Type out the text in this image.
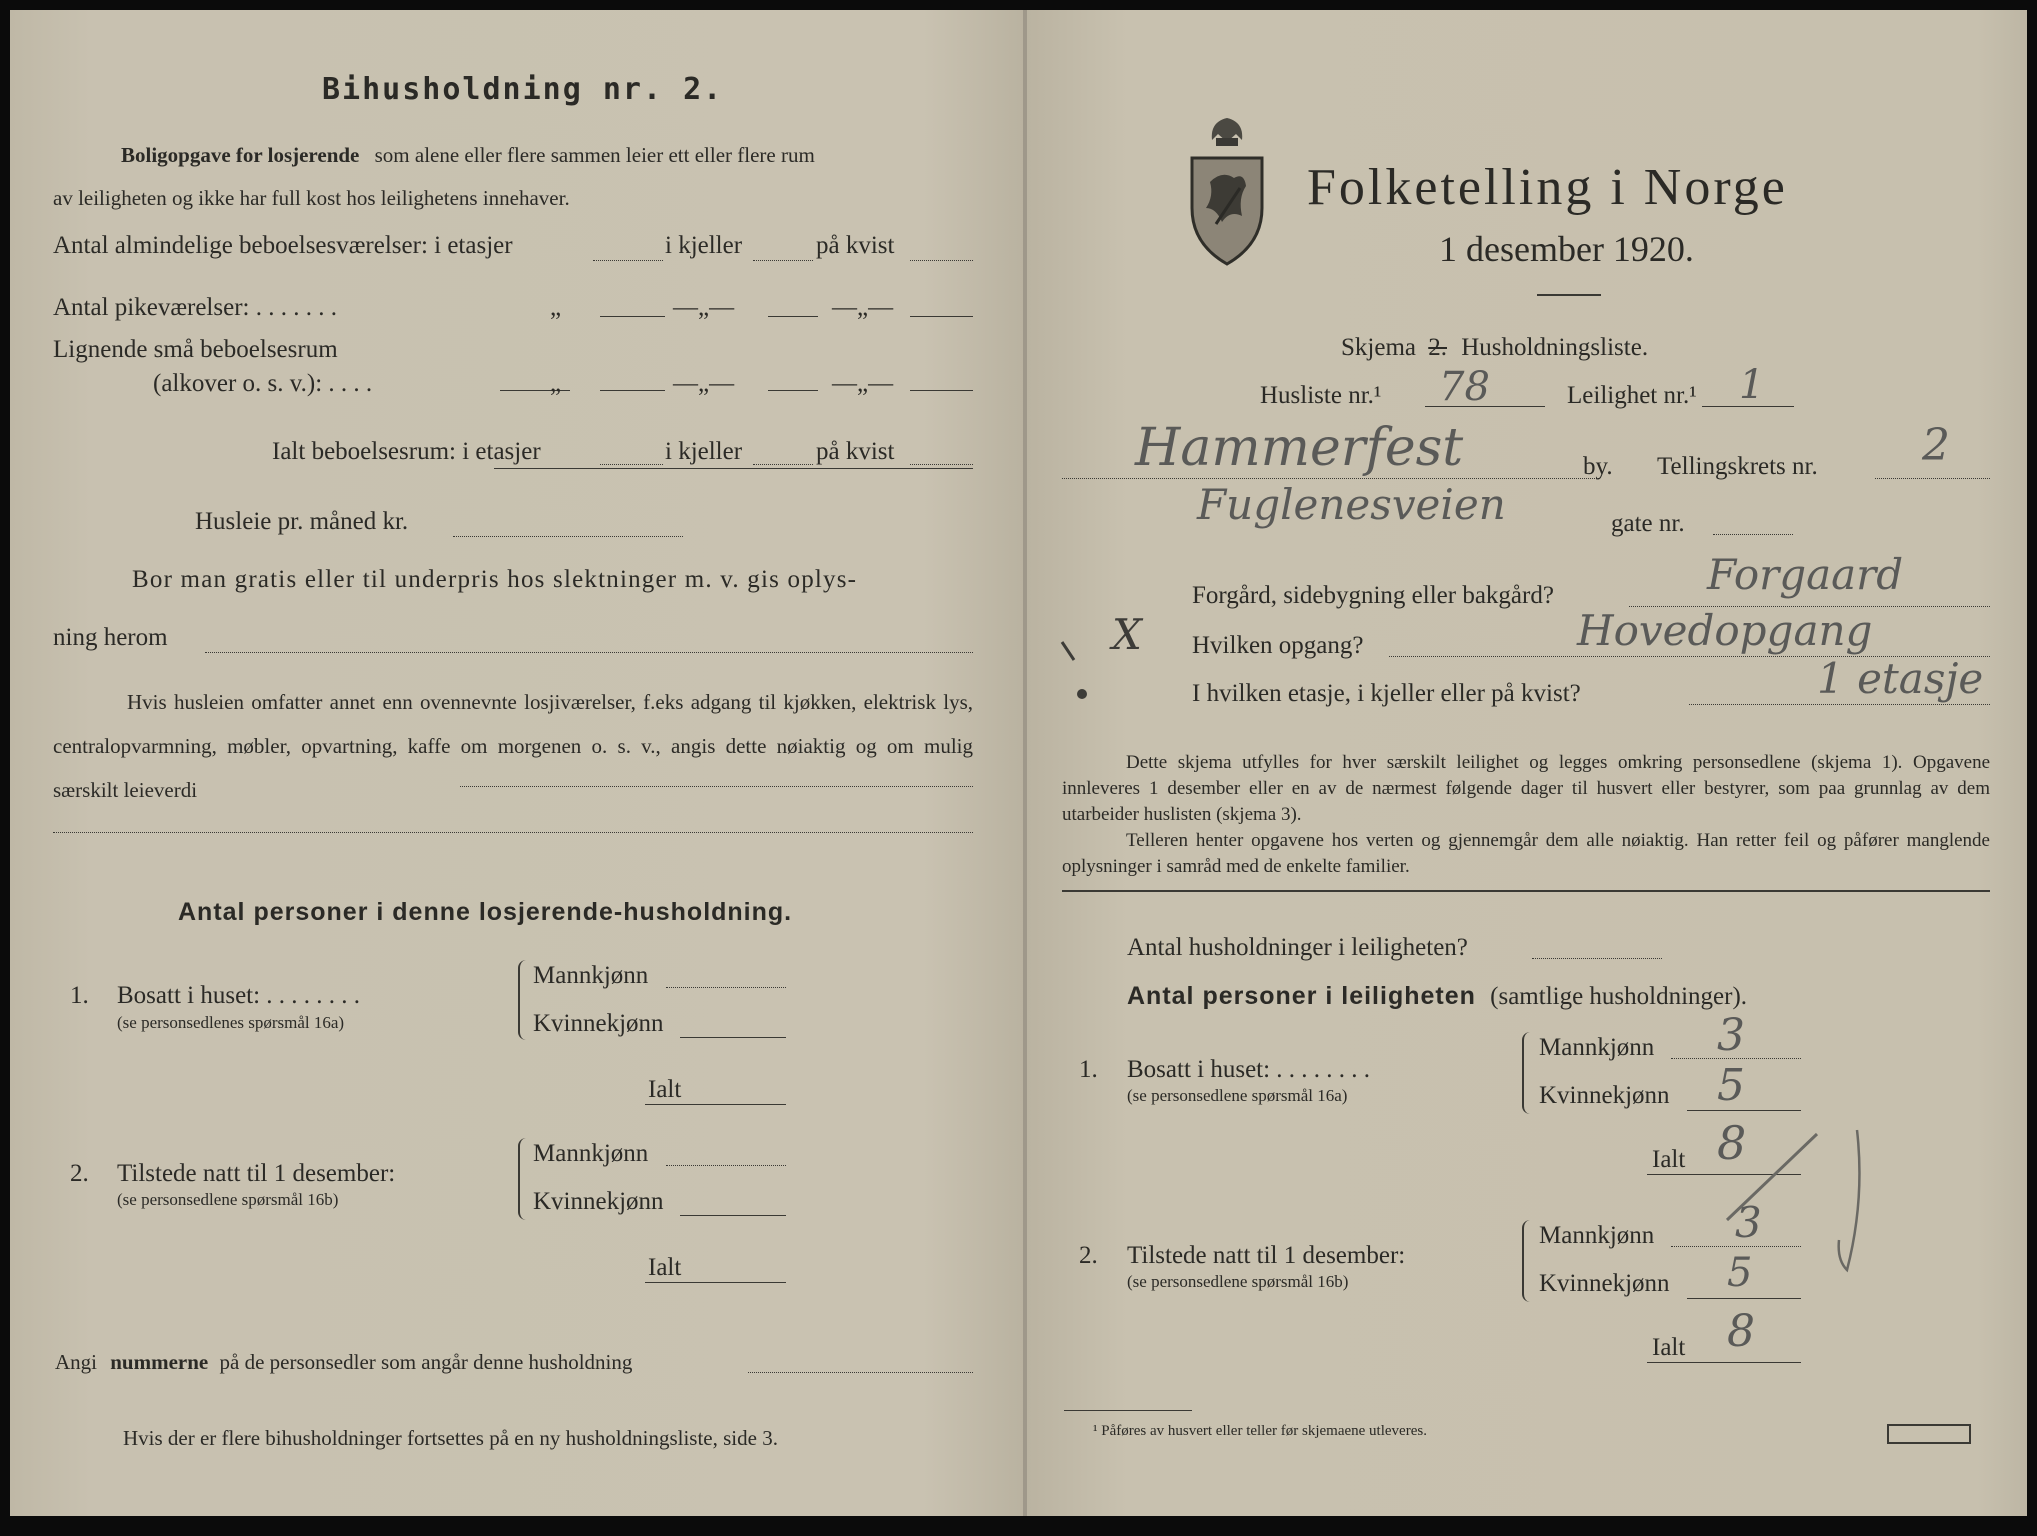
Bihusholdning nr. 2.
Boligopgave for losjerende som alene eller flere sammen leier ett eller flere rum
av leiligheten og ikke har full kost hos leilighetens innehaver.
Antal almindelige beboelsesværelser: i etasjer	i kjeller	på kvist
Antal pikeværelser: . . . . . . .	„	—„—	—„—
Lignende små beboelsesrum
(alkover o. s. v.): . . . .	„	—„—	—„—
Ialt beboelsesrum: i etasjer	i kjeller	på kvist
Husleie pr. måned kr.
Bor man gratis eller til underpris hos slektninger m. v. gis oplys-
ning herom
Hvis husleien omfatter annet enn ovennevnte losjiværelser, f.eks adgang til kjøkken, elektrisk lys, centralopvarmning, møbler, opvartning, kaffe om morgenen o. s. v., angis dette nøiaktig og om mulig særskilt leieverdi
Antal personer i denne losjerende-husholdning.
1. Bosatt i huset: . . . . . . . .
(se personsedlenes spørsmål 16a)
Mannkjønn
Kvinnekjønn
Ialt
2. Tilstede natt til 1 desember:
(se personsedlene spørsmål 16b)
Mannkjønn
Kvinnekjønn
Ialt
Angi nummerne på de personsedler som angår denne husholdning
Hvis der er flere bihusholdninger fortsettes på en ny husholdningsliste, side 3.
Folketelling i Norge
1 desember 1920.
Skjema 2. Husholdningsliste.
Husliste nr.¹ 78	Leilighet nr.¹ 1
Hammerfest	by. Tellingskrets nr. 2
Fuglenesveien	gate nr.
Forgård, sidebygning eller bakgård?	Forgaard
X Hvilken opgang?	Hovedopgang
I hvilken etasje, i kjeller eller på kvist?	1 etasje
Dette skjema utfylles for hver særskilt leilighet og legges omkring personsedlene (skjema 1). Opgavene innleveres 1 desember eller en av de nærmest følgende dager til husvert eller bestyrer, som paa grunnlag av dem utarbeider huslisten (skjema 3).
Telleren henter opgavene hos verten og gjennemgår dem alle nøiaktig. Han retter feil og påfører manglende oplysninger i samråd med de enkelte familier.
Antal husholdninger i leiligheten?
Antal personer i leiligheten (samtlige husholdninger).
1. Bosatt i huset: . . . . . . . .
(se personsedlene spørsmål 16a)
Mannkjønn 3
Kvinnekjønn 5
Ialt 8
2. Tilstede natt til 1 desember:
(se personsedlene spørsmål 16b)
Mannkjønn 3
Kvinnekjønn 5
Ialt 8
¹ Påføres av husvert eller teller før skjemaene utleveres.
